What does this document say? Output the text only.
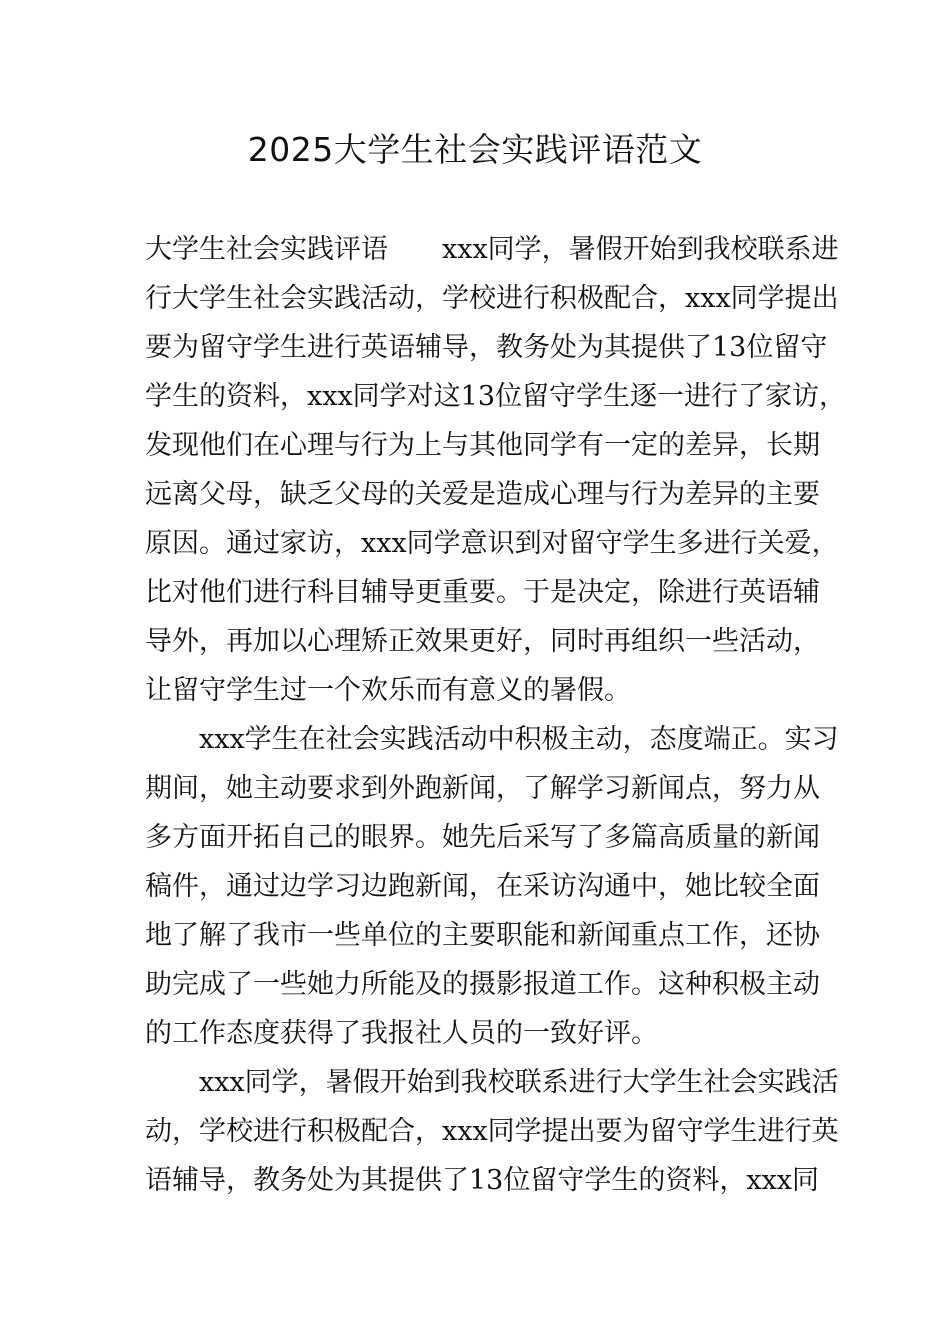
2025大学生社会实践评语范文
大学生社会实践评语　　xxx同学，暑假开始到我校联系进
行大学生社会实践活动，学校进行积极配合，xxx同学提出
要为留守学生进行英语辅导，教务处为其提供了13位留守
学生的资料，xxx同学对这13位留守学生逐一进行了家访，
发现他们在心理与行为上与其他同学有一定的差异，长期
远离父母，缺乏父母的关爱是造成心理与行为差异的主要
原因。通过家访，xxx同学意识到对留守学生多进行关爱，
比对他们进行科目辅导更重要。于是决定，除进行英语辅
导外，再加以心理矫正效果更好，同时再组织一些活动，
让留守学生过一个欢乐而有意义的暑假。
xxx学生在社会实践活动中积极主动，态度端正。实习
期间，她主动要求到外跑新闻，了解学习新闻点，努力从
多方面开拓自己的眼界。她先后采写了多篇高质量的新闻
稿件，通过边学习边跑新闻，在采访沟通中，她比较全面
地了解了我市一些单位的主要职能和新闻重点工作，还协
助完成了一些她力所能及的摄影报道工作。这种积极主动
的工作态度获得了我报社人员的一致好评。
xxx同学，暑假开始到我校联系进行大学生社会实践活
动，学校进行积极配合，xxx同学提出要为留守学生进行英
语辅导，教务处为其提供了13位留守学生的资料，xxx同
